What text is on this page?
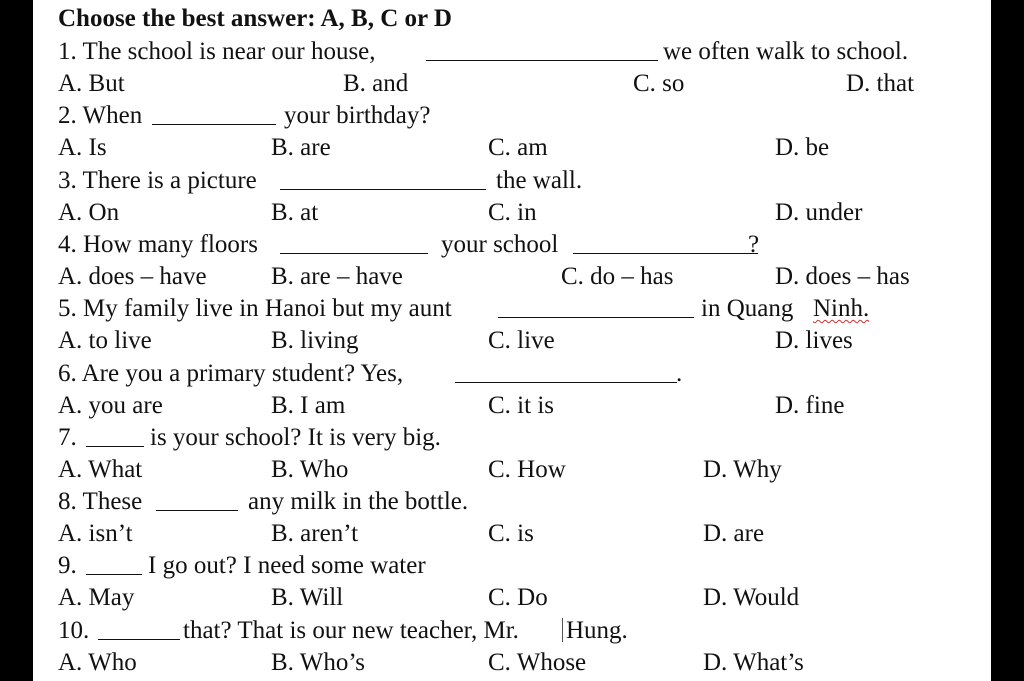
Choose the best answer: A, B, C or D
1. The school is near our house,	we often walk to school.
A. But	B. and	C. so	D. that
2. When	your birthday?
A. Is	B. are	C. am	D. be
3. There is a picture	the wall.
A. On	B. at	C. in	D. under
4. How many floors	your school	?
A. does – have	B. are – have	C. do – has	D. does – has
5. My family live in Hanoi but my aunt	in Quang Ninh.
A. to live	B. living	C. live	D. lives
6. Are you a primary student? Yes,	.
A. you are	B. I am	C. it is	D. fine
7.	is your school? It is very big.
A. What	B. Who	C. How	D. Why
8. These	any milk in the bottle.
A. isn’t	B. aren’t	C. is	D. are
9.	I go out? I need some water
A. May	B. Will	C. Do	D. Would
10.	that? That is our new teacher, Mr. Hung.
A. Who	B. Who’s	C. Whose	D. What’s
